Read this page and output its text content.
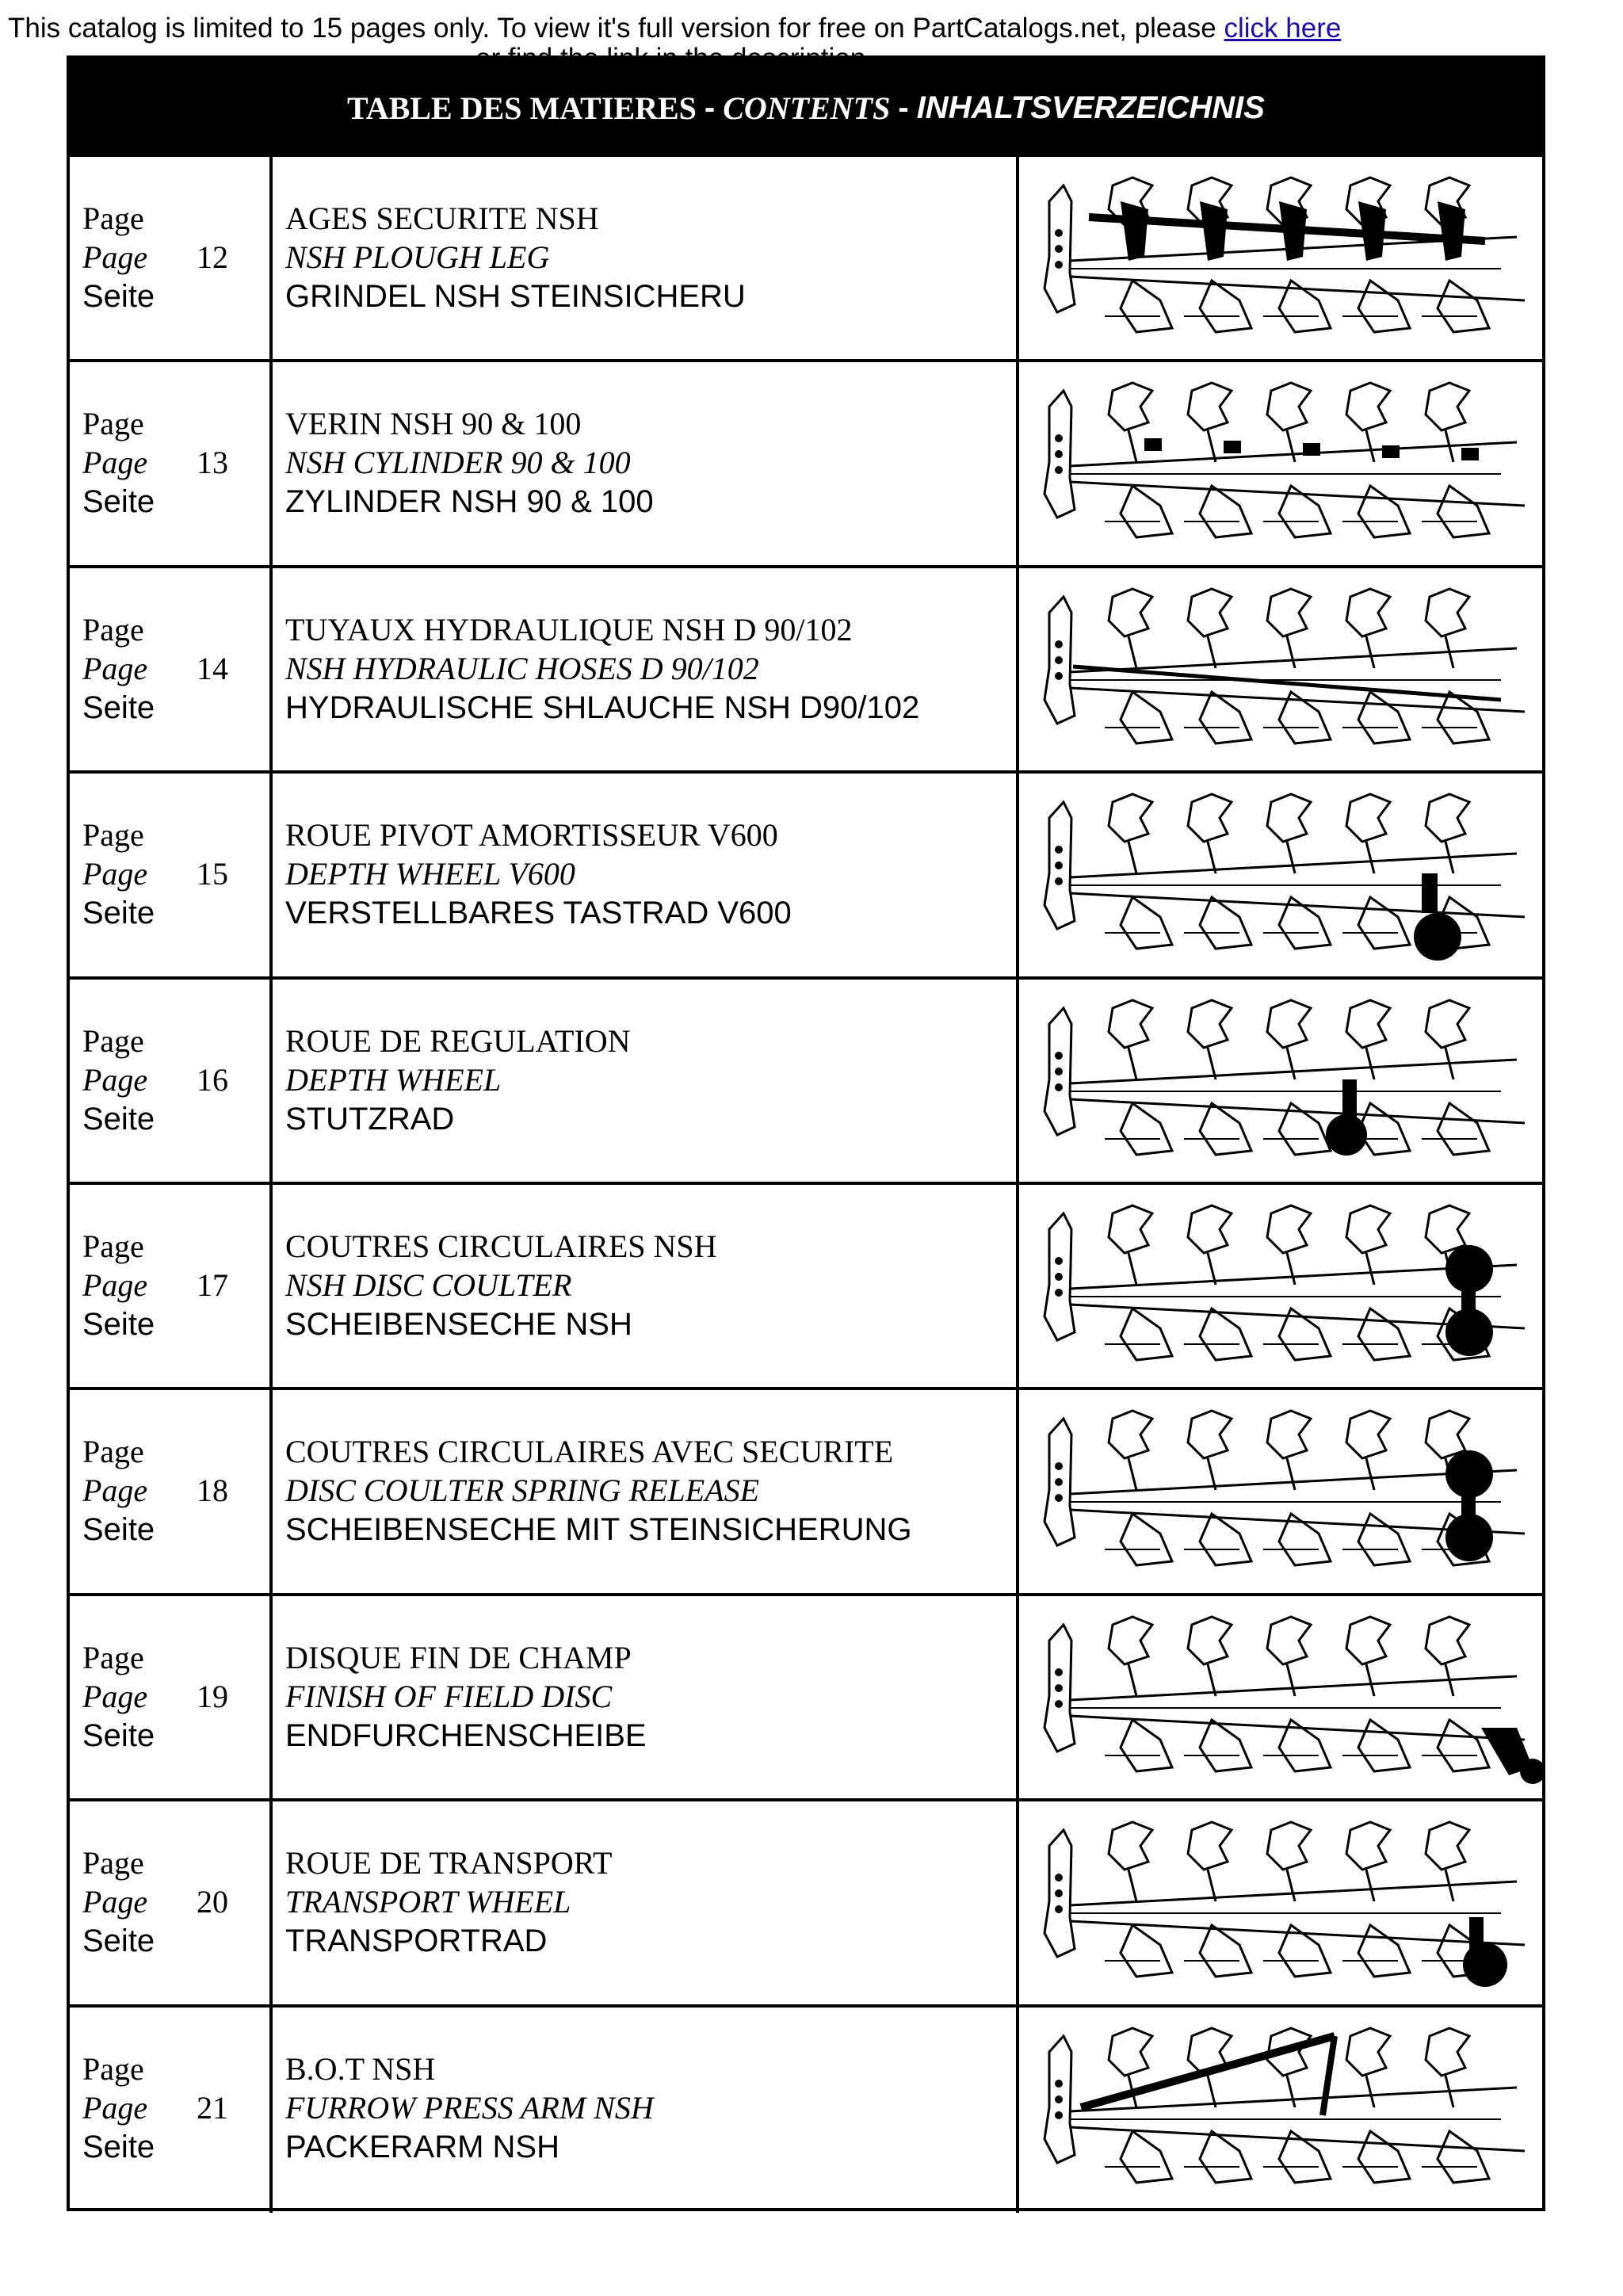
This catalog is limited to 15 pages only. To view it's full version for free on PartCatalogs.net, please click here
TABLE DES MATIERES - CONTENTS - INHALTSVERZEICHNIS
Page
Page
Seite
12
AGES SECURITE NSH
NSH PLOUGH LEG
GRINDEL NSH STEINSICHERU
Page
Page
Seite
13
VERIN NSH 90 & 100
NSH CYLINDER 90 & 100
ZYLINDER NSH 90 & 100
Page
Page
Seite
14
TUYAUX HYDRAULIQUE NSH D 90/102
NSH HYDRAULIC HOSES D 90/102
HYDRAULISCHE SHLAUCHE NSH D90/102
Page
Page
Seite
15
ROUE PIVOT AMORTISSEUR V600
DEPTH WHEEL V600
VERSTELLBARES TASTRAD V600
Page
Page
Seite
16
ROUE DE REGULATION
DEPTH WHEEL
STUTZRAD
Page
Page
Seite
17
COUTRES CIRCULAIRES NSH
NSH DISC COULTER
SCHEIBENSECHE NSH
Page
Page
Seite
18
COUTRES CIRCULAIRES AVEC SECURITE
DISC COULTER SPRING RELEASE
SCHEIBENSECHE MIT STEINSICHERUNG
Page
Page
Seite
19
DISQUE FIN DE CHAMP
FINISH OF FIELD DISC
ENDFURCHENSCHEIBE
Page
Page
Seite
20
ROUE DE TRANSPORT
TRANSPORT WHEEL
TRANSPORTRAD
Page
Page
Seite
21
B.O.T NSH
FURROW PRESS ARM NSH
PACKERARM NSH
